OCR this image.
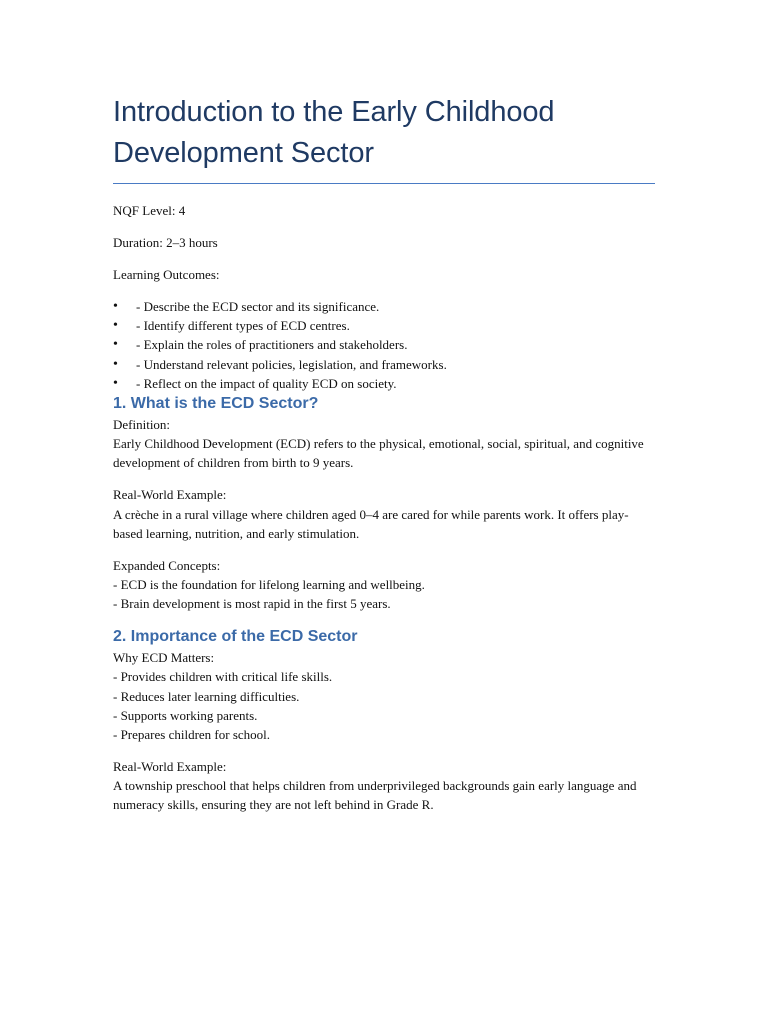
Introduction to the Early Childhood Development Sector

NQF Level: 4

Duration: 2–3 hours

Learning Outcomes:

• - Describe the ECD sector and its significance.
• - Identify different types of ECD centres.
• - Explain the roles of practitioners and stakeholders.
• - Understand relevant policies, legislation, and frameworks.
• - Reflect on the impact of quality ECD on society.
1. What is the ECD Sector?

Definition:

Early Childhood Development (ECD) refers to the physical, emotional, social, spiritual, and cognitive development of children from birth to 9 years.

Real-World Example:

A crèche in a rural village where children aged 0–4 are cared for while parents work. It offers play-based learning, nutrition, and early stimulation.

Expanded Concepts:

- ECD is the foundation for lifelong learning and wellbeing.

- Brain development is most rapid in the first 5 years.

2. Importance of the ECD Sector

Why ECD Matters:

- Provides children with critical life skills.

- Reduces later learning difficulties.

- Supports working parents.

- Prepares children for school.

Real-World Example:

A township preschool that helps children from underprivileged backgrounds gain early language and numeracy skills, ensuring they are not left behind in Grade R.
